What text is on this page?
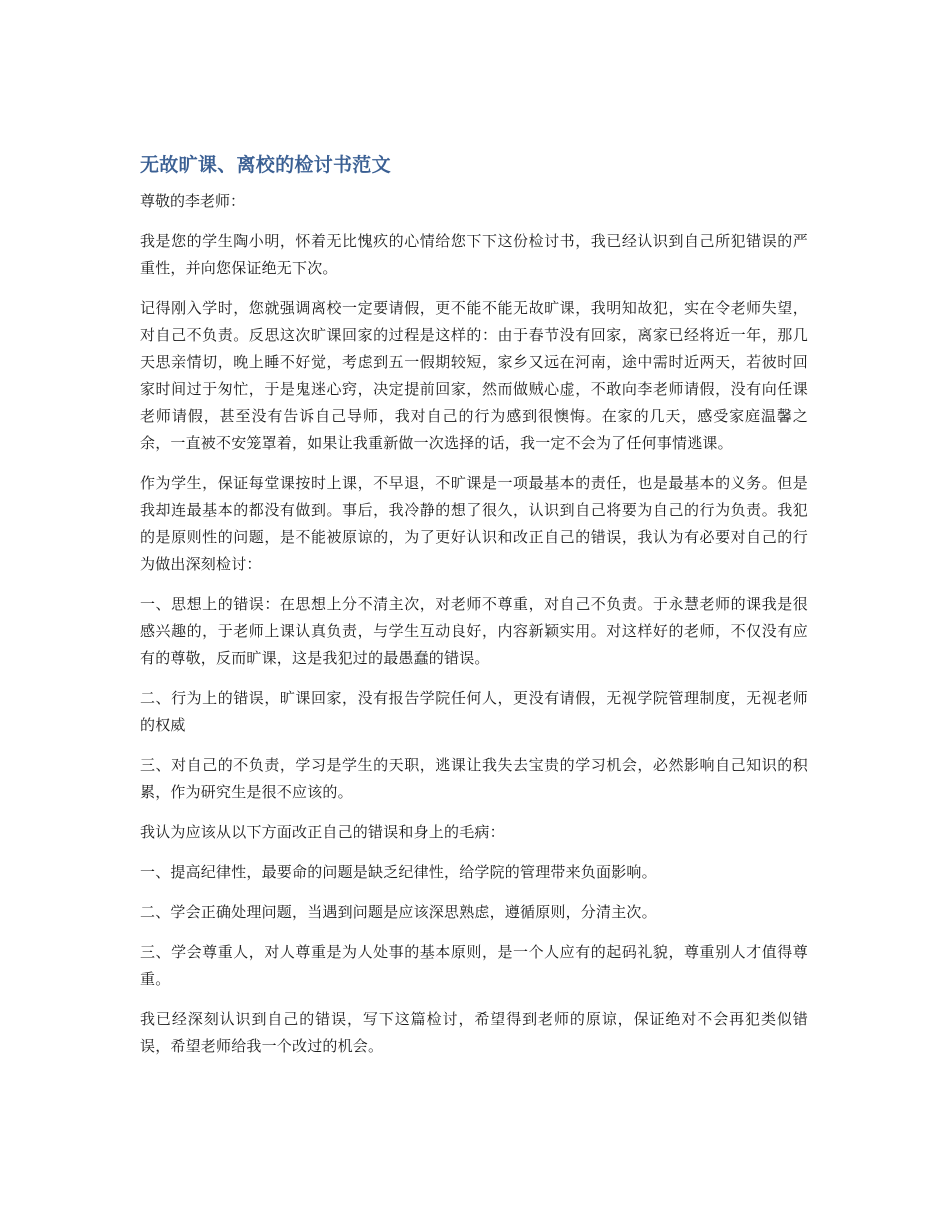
无故旷课、离校的检讨书范文

尊敬的李老师：

我是您的学生陶小明，怀着无比愧疚的心情给您下下这份检讨书，我已经认识到自己所犯错误的严重性，并向您保证绝无下次。

记得刚入学时，您就强调离校一定要请假，更不能不能无故旷课，我明知故犯，实在令老师失望，对自己不负责。反思这次旷课回家的过程是这样的：由于春节没有回家，离家已经将近一年，那几天思亲情切，晚上睡不好觉，考虑到五一假期较短，家乡又远在河南，途中需时近两天，若彼时回家时间过于匆忙，于是鬼迷心窍，决定提前回家，然而做贼心虚，不敢向李老师请假，没有向任课老师请假，甚至没有告诉自己导师，我对自己的行为感到很懊悔。在家的几天，感受家庭温馨之余，一直被不安笼罩着，如果让我重新做一次选择的话，我一定不会为了任何事情逃课。

作为学生，保证每堂课按时上课，不早退，不旷课是一项最基本的责任，也是最基本的义务。但是我却连最基本的都没有做到。事后，我冷静的想了很久，认识到自己将要为自己的行为负责。我犯的是原则性的问题，是不能被原谅的，为了更好认识和改正自己的错误，我认为有必要对自己的行为做出深刻检讨：

一、思想上的错误：在思想上分不清主次，对老师不尊重，对自己不负责。于永慧老师的课我是很感兴趣的，于老师上课认真负责，与学生互动良好，内容新颖实用。对这样好的老师，不仅没有应有的尊敬，反而旷课，这是我犯过的最愚蠢的错误。

二、行为上的错误，旷课回家，没有报告学院任何人，更没有请假，无视学院管理制度，无视老师的权威

三、对自己的不负责，学习是学生的天职，逃课让我失去宝贵的学习机会，必然影响自己知识的积累，作为研究生是很不应该的。

我认为应该从以下方面改正自己的错误和身上的毛病：

一、提高纪律性，最要命的问题是缺乏纪律性，给学院的管理带来负面影响。

二、学会正确处理问题，当遇到问题是应该深思熟虑，遵循原则，分清主次。

三、学会尊重人，对人尊重是为人处事的基本原则，是一个人应有的起码礼貌，尊重别人才值得尊重。

我已经深刻认识到自己的错误，写下这篇检讨，希望得到老师的原谅，保证绝对不会再犯类似错误，希望老师给我一个改过的机会。
